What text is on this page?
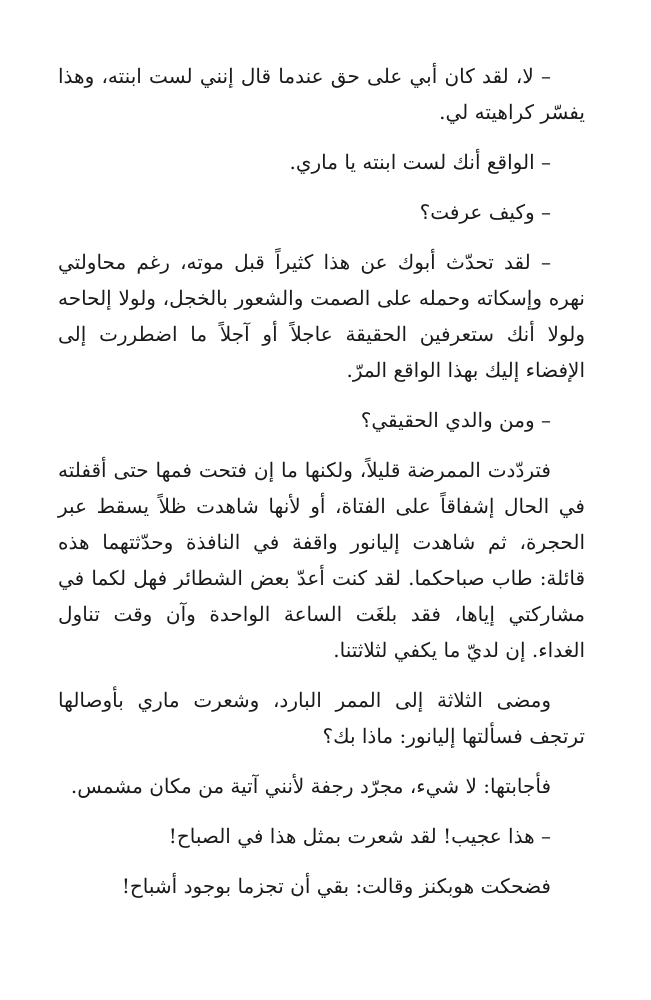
– لا، لقد كان أبي على حق عندما قال إنني لست ابنته، وهذا يفسّر كراهيته لي.

– الواقع أنك لست ابنته يا ماري.

– وكيف عرفت؟

– لقد تحدّث أبوك عن هذا كثيراً قبل موته، رغم محاولتي نهره وإسكاته وحمله على الصمت والشعور بالخجل، ولولا إلحاحه ولولا أنك ستعرفين الحقيقة عاجلاً أو آجلاً ما اضطررت إلى الإفضاء إليك بهذا الواقع المرّ.

– ومن والدي الحقيقي؟

فتردّدت الممرضة قليلاً، ولكنها ما إن فتحت فمها حتى أقفلته في الحال إشفاقاً على الفتاة، أو لأنها شاهدت ظلاً يسقط عبر الحجرة، ثم شاهدت إليانور واقفة في النافذة وحدّثتهما هذه قائلة: طاب صباحكما. لقد كنت أعدّ بعض الشطائر فهل لكما في مشاركتي إياها، فقد بلغَت الساعة الواحدة وآن وقت تناول الغداء. إن لديّ ما يكفي لثلاثتنا.

ومضى الثلاثة إلى الممر البارد، وشعرت ماري بأوصالها ترتجف فسألتها إليانور: ماذا بك؟

فأجابتها: لا شيء، مجرّد رجفة لأنني آتية من مكان مشمس.

– هذا عجيب! لقد شعرت بمثل هذا في الصباح!

فضحكت هوبكنز وقالت: بقي أن تجزما بوجود أشباح!
